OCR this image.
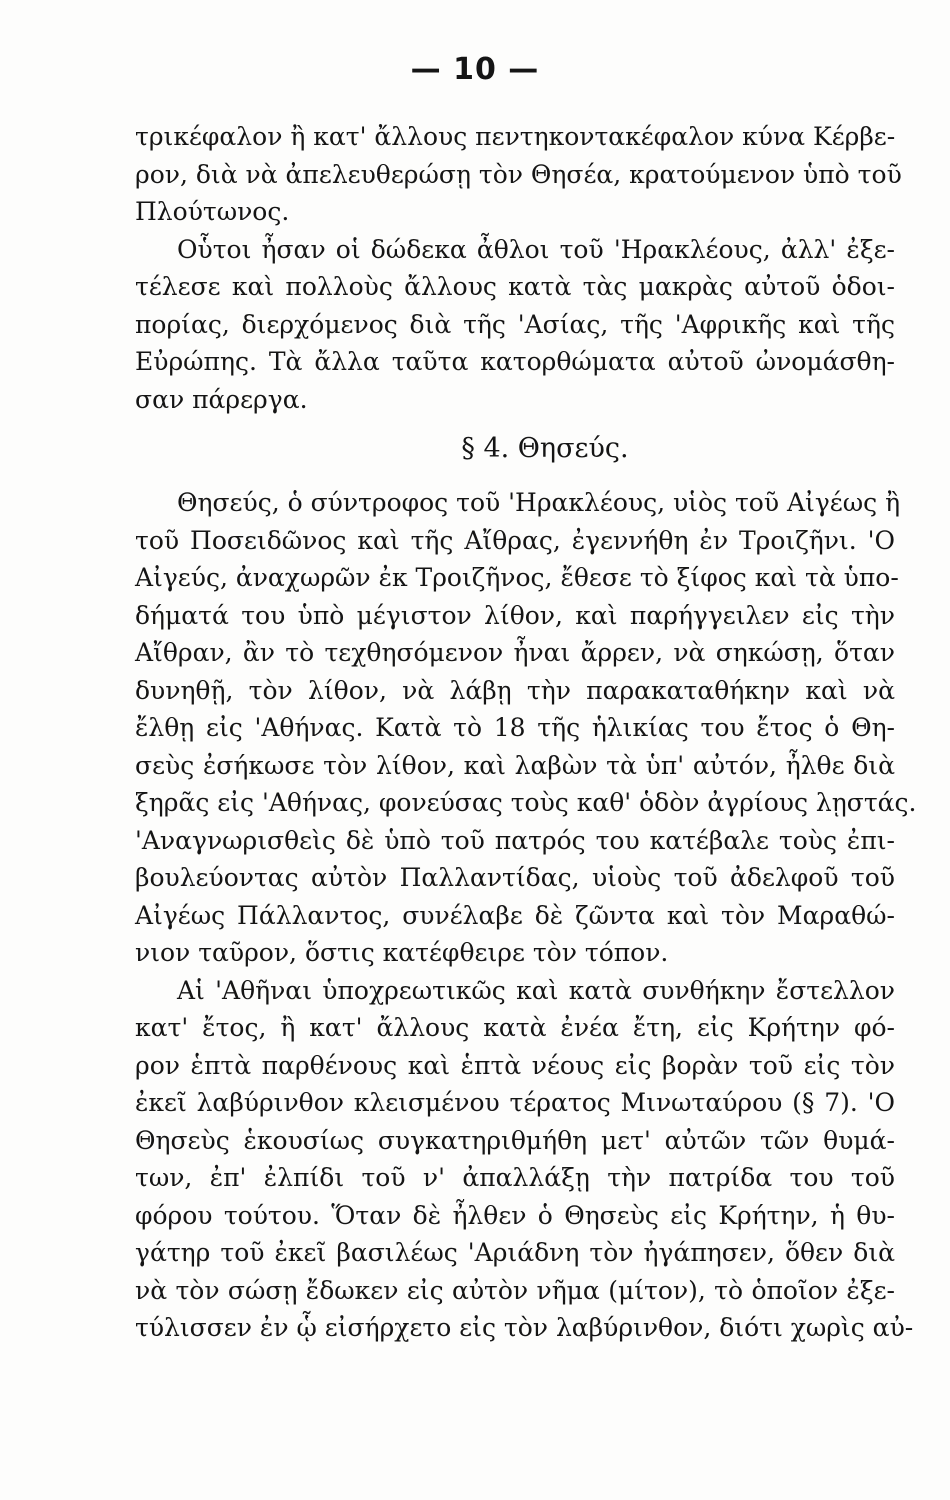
— 10 —
τρικέφαλον ἢ κατ' ἄλλους πεντηκοντακέφαλον κύνα Κέρβε-
ρον, διὰ νὰ ἀπελευθερώσῃ τὸν Θησέα, κρατούμενον ὑπὸ τοῦ
Πλούτωνος.
Οὗτοι ἦσαν οἱ δώδεκα ἆθλοι τοῦ 'Ηρακλέους, ἀλλ' ἐξε-
τέλεσε καὶ πολλοὺς ἄλλους κατὰ τὰς μακρὰς αὐτοῦ ὁδοι-
πορίας, διερχόμενος διὰ τῆς 'Ασίας, τῆς 'Αφρικῆς καὶ τῆς
Εὐρώπης. Τὰ ἄλλα ταῦτα κατορθώματα αὐτοῦ ὠνομάσθη-
σαν πάρεργα.
§ 4. Θησεύς.
Θησεύς, ὁ σύντροφος τοῦ 'Ηρακλέους, υἱὸς τοῦ Αἰγέως ἢ
τοῦ Ποσειδῶνος καὶ τῆς Αἴθρας, ἐγεννήθη ἐν Τροιζῆνι. 'Ο
Αἰγεύς, ἀναχωρῶν ἐκ Τροιζῆνος, ἔθεσε τὸ ξίφος καὶ τὰ ὑπο-
δήματά του ὑπὸ μέγιστον λίθον, καὶ παρήγγειλεν εἰς τὴν
Αἴθραν, ἂν τὸ τεχθησόμενον ἦναι ἄρρεν, νὰ σηκώσῃ, ὅταν
δυνηθῇ, τὸν λίθον, νὰ λάβῃ τὴν παρακαταθήκην καὶ νὰ
ἔλθῃ εἰς 'Αθήνας. Κατὰ τὸ 18 τῆς ἡλικίας του ἔτος ὁ Θη-
σεὺς ἐσήκωσε τὸν λίθον, καὶ λαβὼν τὰ ὑπ' αὐτόν, ἦλθε διὰ
ξηρᾶς εἰς 'Αθήνας, φονεύσας τοὺς καθ' ὁδὸν ἀγρίους λῃστάς.
'Αναγνωρισθεὶς δὲ ὑπὸ τοῦ πατρός του κατέβαλε τοὺς ἐπι-
βουλεύοντας αὐτὸν Παλλαντίδας, υἱοὺς τοῦ ἀδελφοῦ τοῦ
Αἰγέως Πάλλαντος, συνέλαβε δὲ ζῶντα καὶ τὸν Μαραθώ-
νιον ταῦρον, ὅστις κατέφθειρε τὸν τόπον.
Αἱ 'Αθῆναι ὑποχρεωτικῶς καὶ κατὰ συνθήκην ἔστελλον
κατ' ἔτος, ἢ κατ' ἄλλους κατὰ ἐνέα ἔτη, εἰς Κρήτην φό-
ρον ἑπτὰ παρθένους καὶ ἑπτὰ νέους εἰς βορὰν τοῦ εἰς τὸν
ἐκεῖ λαβύρινθον κλεισμένου τέρατος Μινωταύρου (§ 7). 'Ο
Θησεὺς ἑκουσίως συγκατηριθμήθη μετ' αὐτῶν τῶν θυμά-
των, ἐπ' ἐλπίδι τοῦ ν' ἀπαλλάξῃ τὴν πατρίδα του τοῦ
φόρου τούτου. Ὅταν δὲ ἦλθεν ὁ Θησεὺς εἰς Κρήτην, ἡ θυ-
γάτηρ τοῦ ἐκεῖ βασιλέως 'Αριάδνη τὸν ἠγάπησεν, ὅθεν διὰ
νὰ τὸν σώσῃ ἔδωκεν εἰς αὐτὸν νῆμα (μίτον), τὸ ὁποῖον ἐξε-
τύλισσεν ἐν ᾧ εἰσήρχετο εἰς τὸν λαβύρινθον, διότι χωρὶς αὐ-
